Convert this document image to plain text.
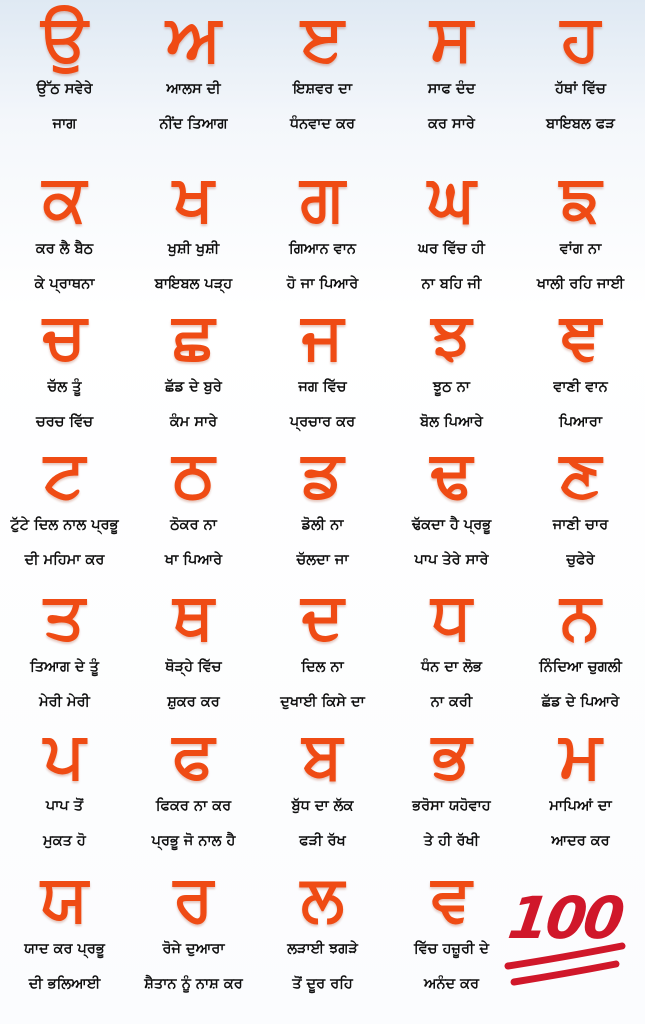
ਉ
ਉੱਠ ਸਵੇਰੇ
ਜਾਗ
ਅ
ਆਲਸ ਦੀ
ਨੀਂਦ ਤਿਆਗ
ੲ
ਇਸ਼ਵਰ ਦਾ
ਧੰਨਵਾਦ ਕਰ
ਸ
ਸਾਫ ਦੰਦ
ਕਰ ਸਾਰੇ
ਹ
ਹੱਥਾਂ ਵਿੱਚ
ਬਾਇਬਲ ਫੜ
ਕ
ਕਰ ਲੈ ਬੈਠ
ਕੇ ਪ੍ਰਾਥਨਾ
ਖ
ਖੁਸ਼ੀ ਖੁਸ਼ੀ
ਬਾਇਬਲ ਪੜ੍ਹ
ਗ
ਗਿਆਨ ਵਾਨ
ਹੋ ਜਾ ਪਿਆਰੇ
ਘ
ਘਰ ਵਿੱਚ ਹੀ
ਨਾ ਬਹਿ ਜੀ
ਙ
ਵਾਂਗ ਨਾ
ਖਾਲੀ ਰਹਿ ਜਾਈ
ਚ
ਚੱਲ ਤੂੰ
ਚਰਚ ਵਿੱਚ
ਛ
ਛੱਡ ਦੇ ਬੁਰੇ
ਕੰਮ ਸਾਰੇ
ਜ
ਜਗ ਵਿੱਚ
ਪ੍ਰਚਾਰ ਕਰ
ਝ
ਝੂਠ ਨਾ
ਬੋਲ ਪਿਆਰੇ
ਞ
ਵਾਣੀ ਵਾਨ
ਪਿਆਰਾ
ਟ
ਟੁੱਟੇ ਦਿਲ ਨਾਲ ਪ੍ਰਭੂ
ਦੀ ਮਹਿਮਾ ਕਰ
ਠ
ਠੋਕਰ ਨਾ
ਖਾ ਪਿਆਰੇ
ਡ
ਡੋਲੀ ਨਾ
ਚੱਲਦਾ ਜਾ
ਢ
ਢੱਕਦਾ ਹੈ ਪ੍ਰਭੂ
ਪਾਪ ਤੇਰੇ ਸਾਰੇ
ਣ
ਜਾਣੀ ਚਾਰ
ਚੁਫੇਰੇ
ਤ
ਤਿਆਗ ਦੇ ਤੂੰ
ਮੇਰੀ ਮੇਰੀ
ਥ
ਥੋੜ੍ਹੇ ਵਿੱਚ
ਸ਼ੁਕਰ ਕਰ
ਦ
ਦਿਲ ਨਾ
ਦੁਖਾਈ ਕਿਸੇ ਦਾ
ਧ
ਧੰਨ ਦਾ ਲੋਭ
ਨਾ ਕਰੀ
ਨ
ਨਿੰਦਿਆ ਚੁਗਲੀ
ਛੱਡ ਦੇ ਪਿਆਰੇ
ਪ
ਪਾਪ ਤੋਂ
ਮੁਕਤ ਹੋ
ਫ
ਫਿਕਰ ਨਾ ਕਰ
ਪ੍ਰਭੂ ਜੋ ਨਾਲ ਹੈ
ਬ
ਬੁੱਧ ਦਾ ਲੱਕ
ਫੜੀ ਰੱਖ
ਭ
ਭਰੋਸਾ ਯਹੋਵਾਹ
ਤੇ ਹੀ ਰੱਖੀ
ਮ
ਮਾਪਿਆਂ ਦਾ
ਆਦਰ ਕਰ
ਯ
ਯਾਦ ਕਰ ਪ੍ਰਭੂ
ਦੀ ਭਲਿਆਈ
ਰ
ਰੋਜੇ ਦੁਆਰਾ
ਸ਼ੈਤਾਨ ਨੂੰ ਨਾਸ਼ ਕਰ
ਲ
ਲੜਾਈ ਝਗੜੇ
ਤੋਂ ਦੂਰ ਰਹਿ
ਵ
ਵਿੱਚ ਹਜ਼ੂਰੀ ਦੇ
ਅਨੰਦ ਕਰ
100
